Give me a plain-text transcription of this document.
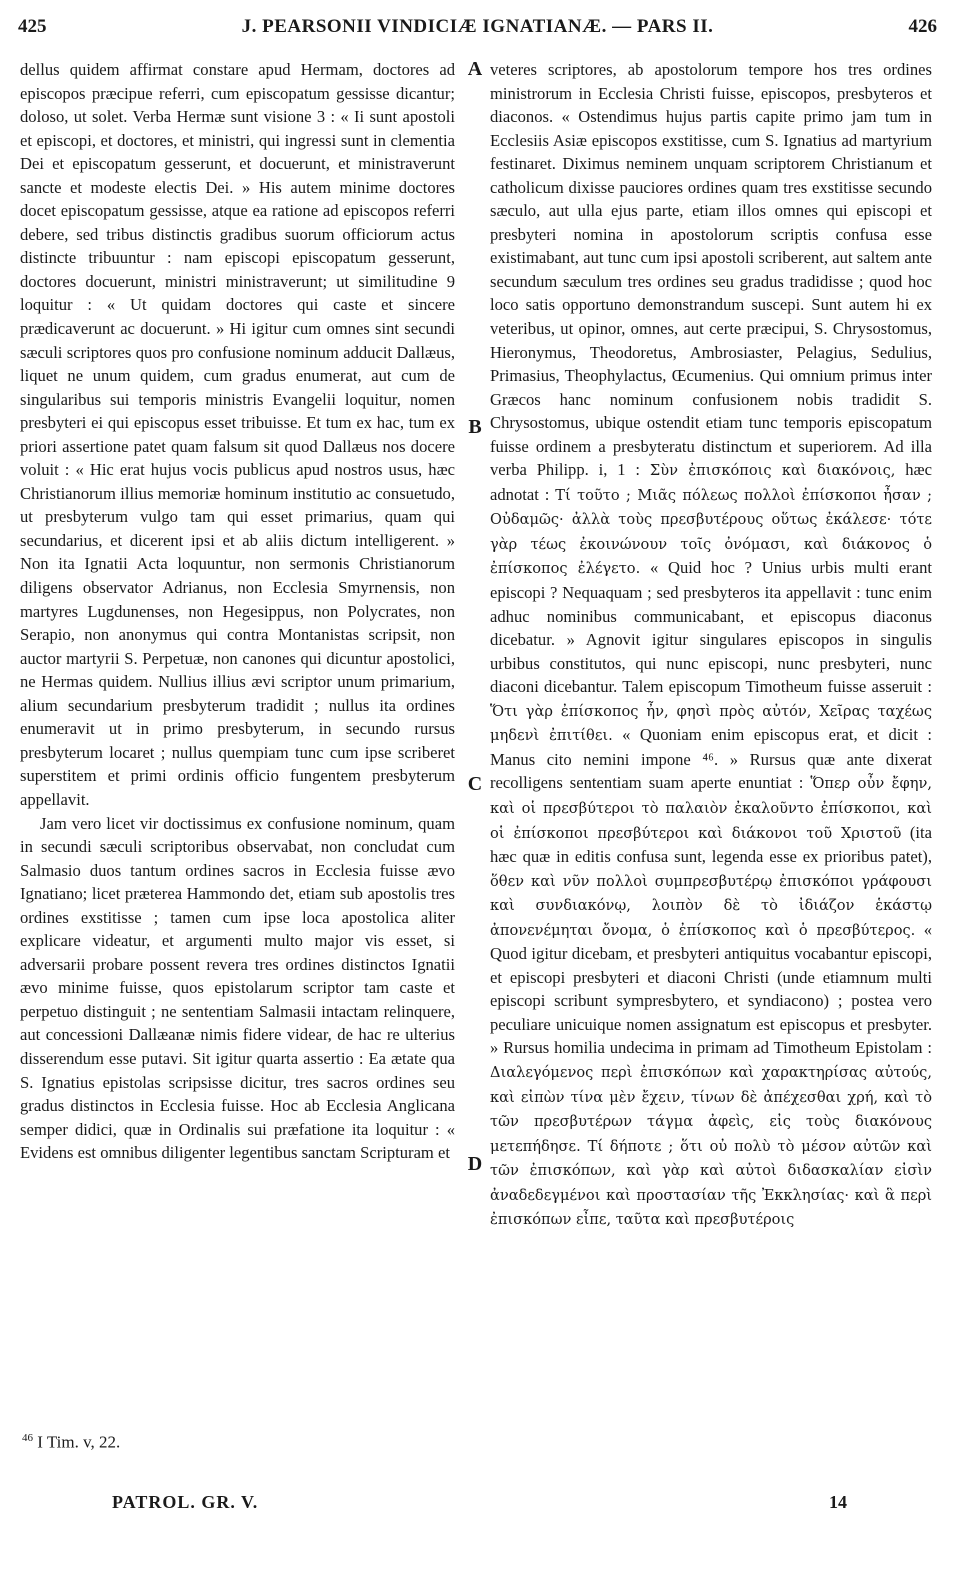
425	J. PEARSONII VINDICIÆ IGNATIANÆ. — PARS II.	426

dellus quidem affirmat constare apud Hermam, doctores ad episcopos præcipue referri, cum episcopatum gessisse dicantur; doloso, ut solet. Verba Hermæ sunt visione 3 : « Ii sunt apostoli et episcopi, et doctores, et ministri, qui ingressi sunt in clementia Dei et episcopatum gesserunt, et docuerunt, et ministraverunt sancte et modeste electis Dei. » His autem minime doctores docet episcopatum gessisse, atque ea ratione ad episcopos referri debere, sed tribus distinctis gradibus suorum officiorum actus distincte tribuuntur : nam episcopi episcopatum gesserunt, doctores docuerunt, ministri ministraverunt; ut similitudine 9 loquitur : « Ut quidam doctores qui caste et sincere prædicaverunt ac docuerunt. » Hi igitur cum omnes sint secundi sæculi scriptores quos pro confusione nominum adducit Dallæus, liquet ne unum quidem, cum gradus enumerat, aut cum de singularibus sui temporis ministris Evangelii loquitur, nomen presbyteri ei qui episcopus esset tribuisse. Et tum ex hac, tum ex priori assertione patet quam falsum sit quod Dallæus nos docere voluit : « Hic erat hujus vocis publicus apud nostros usus, hæc Christianorum illius memoriæ hominum institutio ac consuetudo, ut presbyterum vulgo tam qui esset primarius, quam qui secundarius, et dicerent ipsi et ab aliis dictum intelligerent. » Non ita Ignatii Acta loquuntur, non sermonis Christianorum diligens observator Adrianus, non Ecclesia Smyrnensis, non martyres Lugdunenses, non Hegesippus, non Polycrates, non Serapio, non anonymus qui contra Montanistas scripsit, non auctor martyrii S. Perpetuæ, non canones qui dicuntur apostolici, ne Hermas quidem. Nullius illius ævi scriptor unum primarium, alium secundarium presbyterum tradidit ; nullus ita ordines enumeravit ut in primo presbyterum, in secundo rursus presbyterum locaret ; nullus quempiam tunc cum ipse scriberet superstitem et primi ordinis officio fungentem presbyterum appellavit.

Jam vero licet vir doctissimus ex confusione nominum, quam in secundi sæculi scriptoribus observabat, non concludat cum Salmasio duos tantum ordines sacros in Ecclesia fuisse ævo Ignatiano; licet præterea Hammondo det, etiam sub apostolis tres ordines exstitisse ; tamen cum ipse loca apostolica aliter explicare videatur, et argumenti multo major vis esset, si adversarii probare possent revera tres ordines distinctos Ignatii ævo minime fuisse, quos epistolarum scriptor tam caste et perpetuo distinguit ; ne sententiam Salmasii intactam relinquere, aut concessioni Dallæanæ nimis fidere videar, de hac re ulterius disserendum esse putavi. Sit igitur quarta assertio : Ea ætate qua S. Ignatius epistolas scripsisse dicitur, tres sacros ordines seu gradus distinctos in Ecclesia fuisse. Hoc ab Ecclesia Anglicana semper didici, quæ in Ordinalis sui præfatione ita loquitur : « Evidens est omnibus diligenter legentibus sanctam Scripturam et

veteres scriptores, ab apostolorum tempore hos tres ordines ministrorum in Ecclesia Christi fuisse, episcopos, presbyteros et diaconos. « Ostendimus hujus partis capite primo jam tum in Ecclesiis Asiæ episcopos exstitisse, cum S. Ignatius ad martyrium festinaret. Diximus neminem unquam scriptorem Christianum et catholicum dixisse pauciores ordines quam tres exstitisse secundo sæculo, aut ulla ejus parte, etiam illos omnes qui episcopi et presbyteri nomina in apostolorum scriptis confusa esse existimabant, aut tunc cum ipsi apostoli scriberent, aut saltem ante secundum sæculum tres ordines seu gradus tradidisse ; quod hoc loco satis opportuno demonstrandum suscepi. Sunt autem hi ex veteribus, ut opinor, omnes, aut certe præcipui, S. Chrysostomus, Hieronymus, Theodoretus, Ambrosiaster, Pelagius, Sedulius, Primasius, Theophylactus, Œcumenius. Qui omnium primus inter Græcos hanc nominum confusionem nobis tradidit S. Chrysostomus, ubique ostendit etiam tunc temporis episcopatum fuisse ordinem a presbyteratu distinctum et superiorem. Ad illa verba Philipp. i, 1 : Σὺν ἐπισκόποις καὶ διακόνοις, hæc adnotat : Τί τοῦτο ; Μιᾶς πόλεως πολλοὶ ἐπίσκοποι ἦσαν ; Οὐδαμῶς· ἀλλὰ τοὺς πρεσβυτέρους οὕτως ἐκάλεσε· τότε γὰρ τέως ἐκοινώνουν τοῖς ὀνόμασι, καὶ διάκονος ὁ ἐπίσκοπος ἐλέγετο. « Quid hoc ? Unius urbis multi erant episcopi ? Nequaquam ; sed presbyteros ita appellavit : tunc enim adhuc nominibus communicabant, et episcopus diaconus dicebatur. » Agnovit igitur singulares episcopos in singulis urbibus constitutos, qui nunc episcopi, nunc presbyteri, nunc diaconi dicebantur. Talem episcopum Timotheum fuisse asseruit : Ὅτι γὰρ ἐπίσκοπος ἦν, φησὶ πρὸς αὐτόν, Χεῖρας ταχέως μηδενὶ ἐπιτίθει. « Quoniam enim episcopus erat, et dicit : Manus cito nemini impone ⁴⁶. » Rursus quæ ante dixerat recolligens sententiam suam aperte enuntiat : Ὅπερ οὖν ἔφην, καὶ οἱ πρεσβύτεροι τὸ παλαιὸν ἐκαλοῦντο ἐπίσκοποι, καὶ οἱ ἐπίσκοποι πρεσβύτεροι καὶ διάκονοι τοῦ Χριστοῦ (ita hæc quæ in editis confusa sunt, legenda esse ex prioribus patet), ὅθεν καὶ νῦν πολλοὶ συμπρεσβυτέρῳ ἐπισκόποι γράφουσι καὶ συνδιακόνῳ, λοιπὸν δὲ τὸ ἰδιάζον ἑκάστῳ ἀπονενέμηται ὄνομα, ὁ ἐπίσκοπος καὶ ὁ πρεσβύτερος. « Quod igitur dicebam, et presbyteri antiquitus vocabantur episcopi, et episcopi presbyteri et diaconi Christi (unde etiamnum multi episcopi scribunt sympresbytero, et syndiacono) ; postea vero peculiare unicuique nomen assignatum est episcopus et presbyter. » Rursus homilia undecima in primam ad Timotheum Epistolam : Διαλεγόμενος περὶ ἐπισκόπων καὶ χαρακτηρίσας αὐτούς, καὶ εἰπὼν τίνα μὲν ἔχειν, τίνων δὲ ἀπέχεσθαι χρή, καὶ τὸ τῶν πρεσβυτέρων τάγμα ἀφεὶς, εἰς τοὺς διακόνους μετεπήδησε. Τί δήποτε ; ὅτι οὐ πολὺ τὸ μέσον αὐτῶν καὶ τῶν ἐπισκόπων, καὶ γὰρ καὶ αὐτοὶ διδασκαλίαν εἰσὶν ἀναδεδεγμένοι καὶ προστασίαν τῆς Ἐκκλησίας· καὶ ἃ περὶ ἐπισκόπων εἶπε, ταῦτα καὶ πρεσβυτέροις

A
B
C
D
$^{46}$ I Tim. v, 22.
PATROL. GR. V.	14
